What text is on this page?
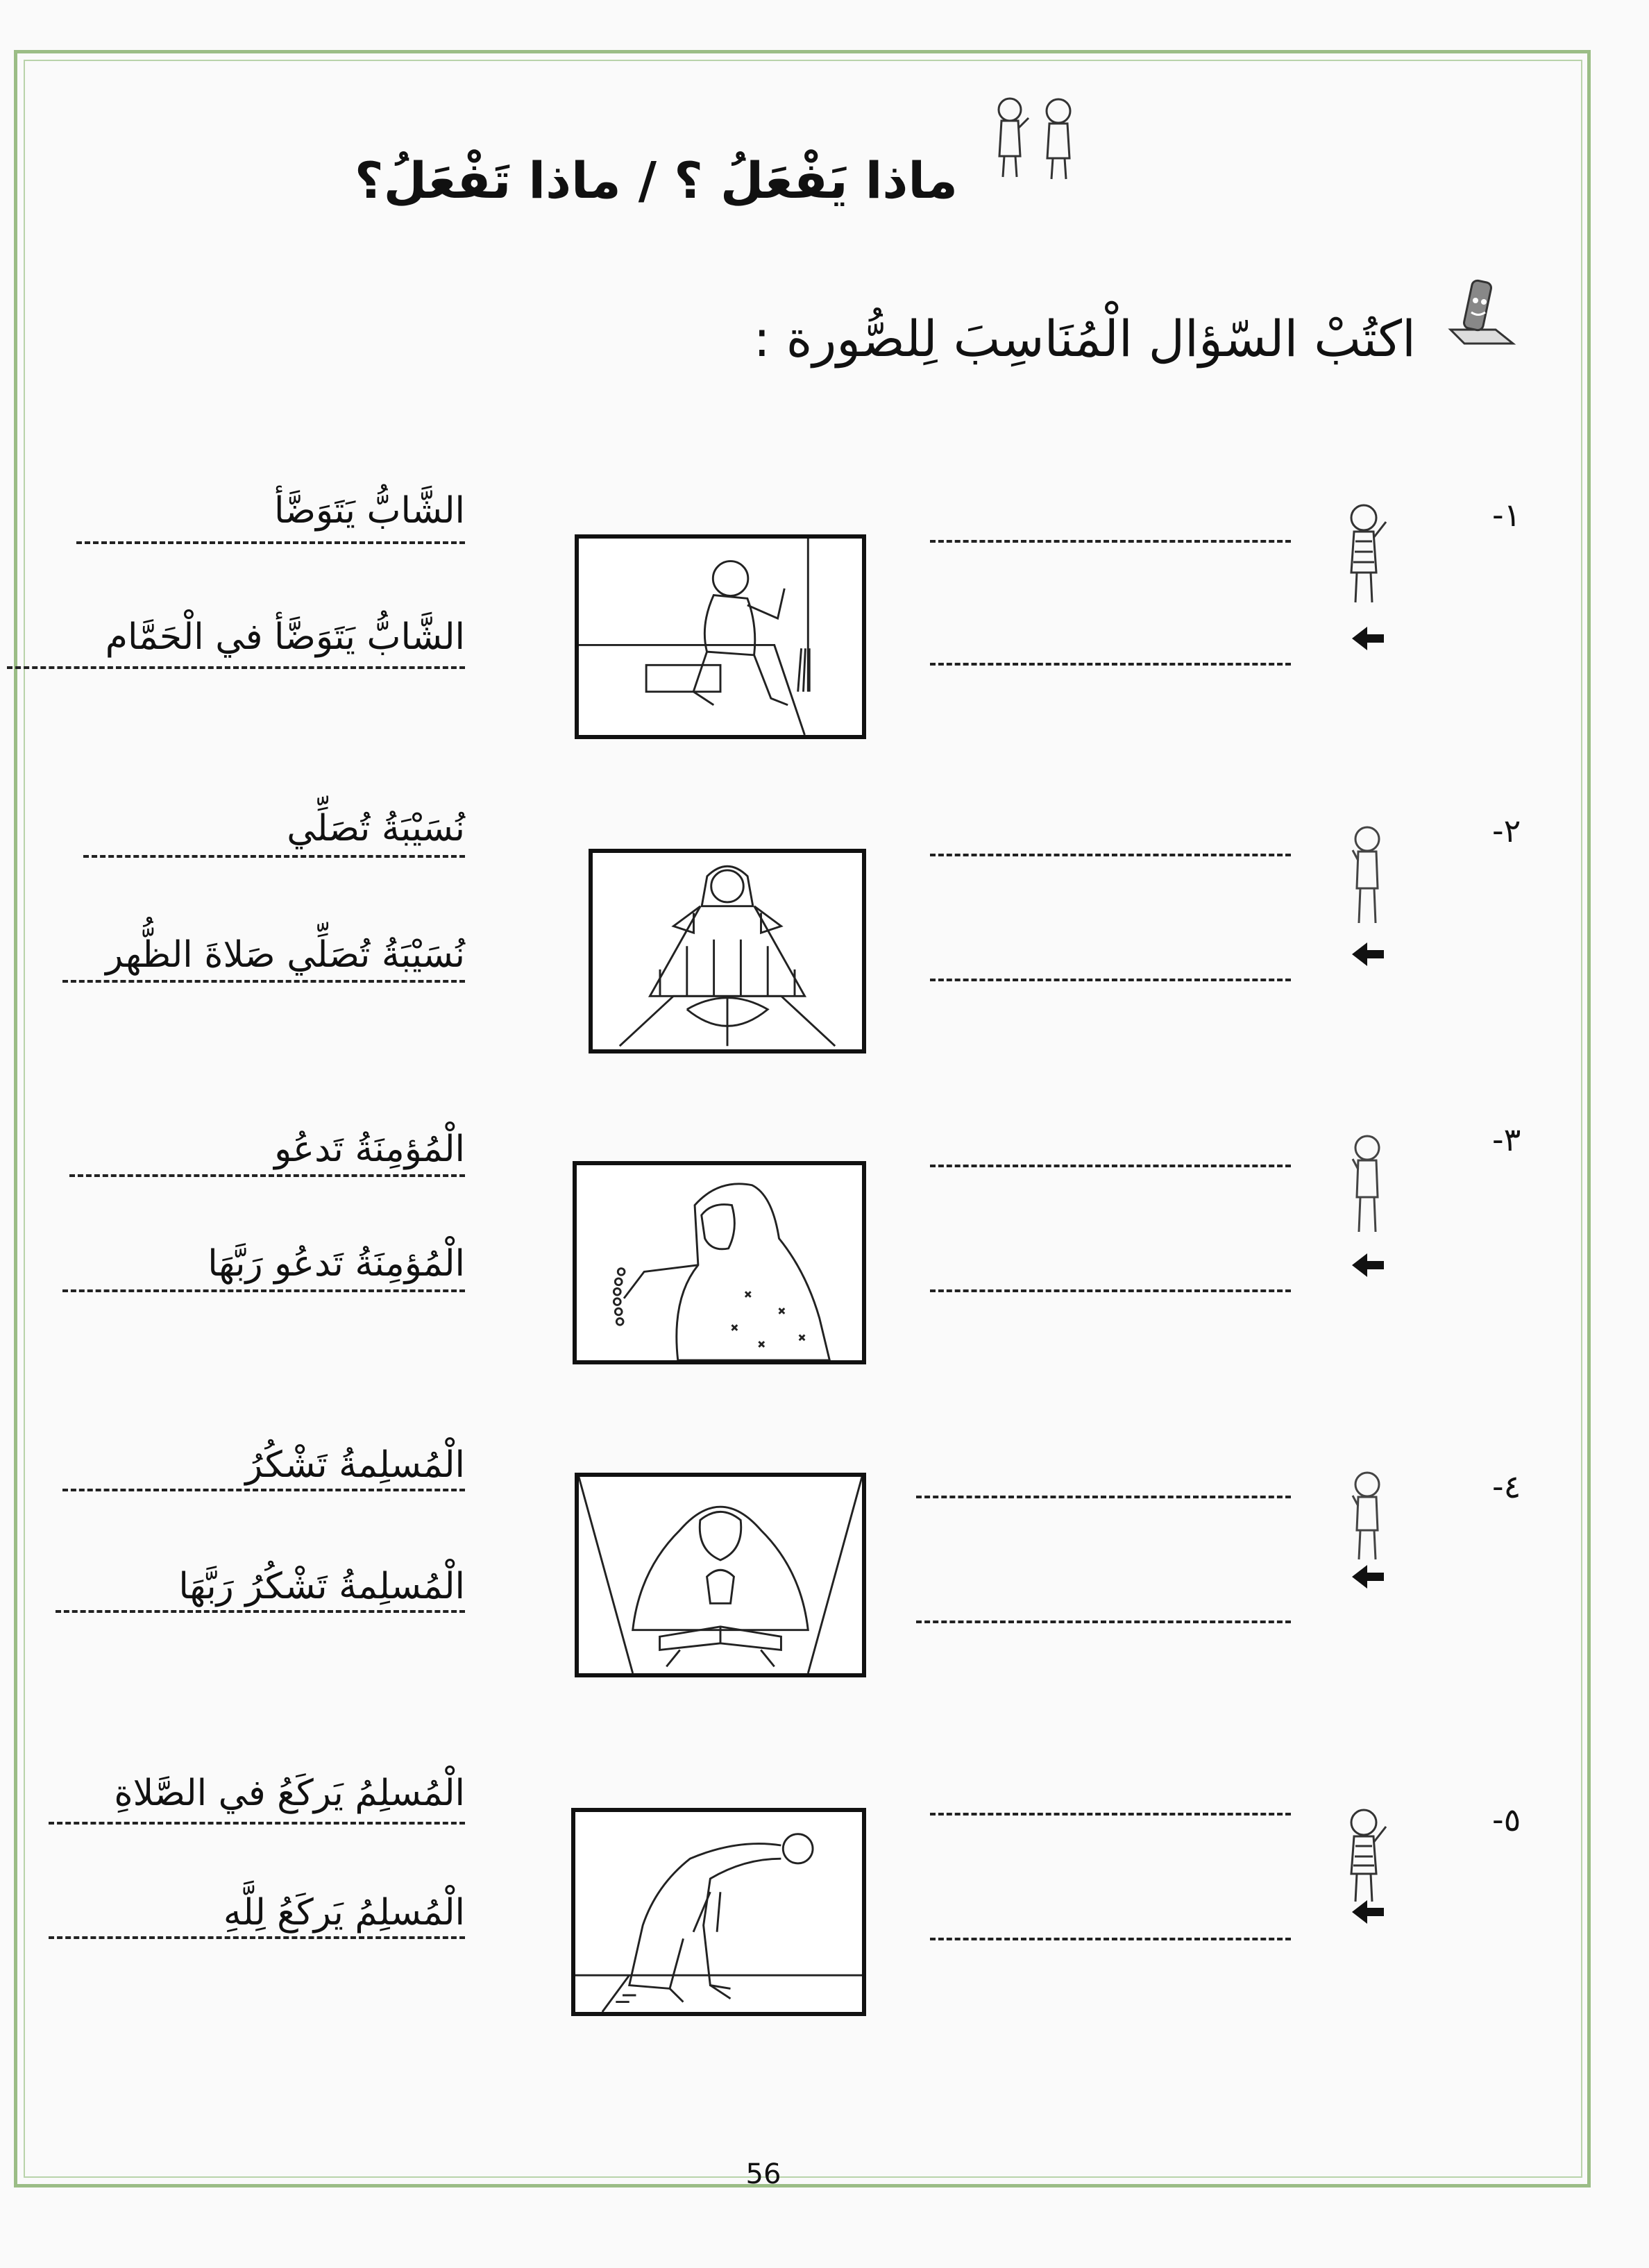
ماذا يَفْعَلُ ؟ / ماذا تَفْعَلُ؟
اكتُبْ السّؤال الْمُنَاسِبَ لِلصُّورة :
-١
الشَّابُّ يَتَوَضَّأ
الشَّابُّ يَتَوَضَّأ في الْحَمَّام
-٢
نُسَيْبَةُ تُصَلِّي
نُسَيْبَةُ تُصَلِّي صَلاةَ الظُّهر
-٣
الْمُؤمِنَةُ تَدعُو
الْمُؤمِنَةُ تَدعُو رَبَّهَا
-٤
الْمُسلِمةُ تَشْكُرُ
الْمُسلِمةُ تَشْكُرُ رَبَّهَا
-٥
الْمُسلِمُ يَركَعُ في الصَّلاةِ
الْمُسلِمُ يَركَعُ لِلَّهِ
56
